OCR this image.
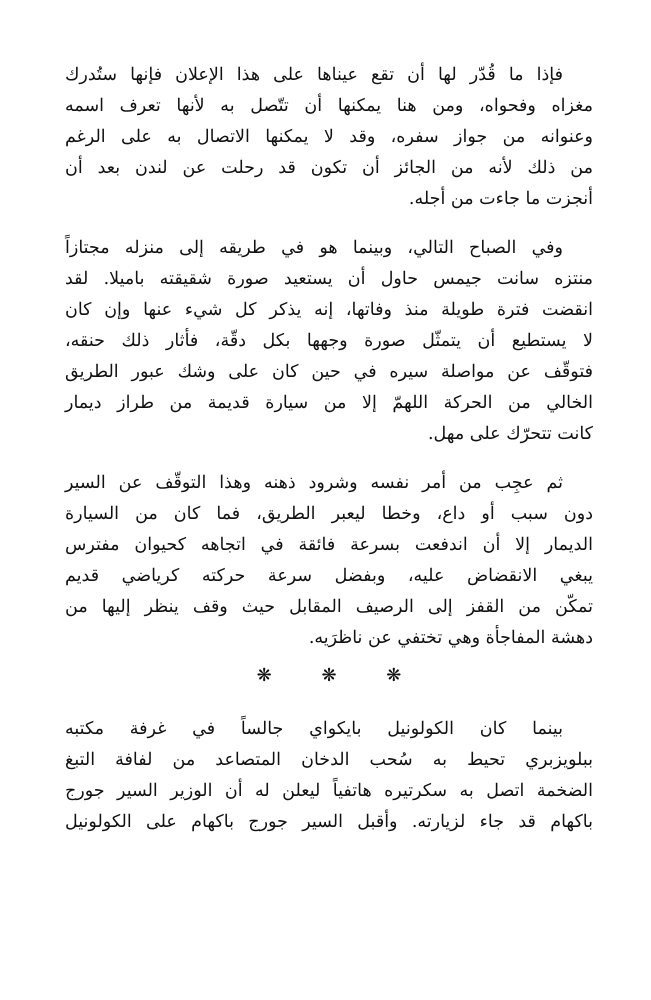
فإذا ما قُدّر لها أن تقع عيناها على هذا الإعلان فإنها ستُدرك
مغزاه وفحواه، ومن هنا يمكنها أن تتّصل به لأنها تعرف اسمه
وعنوانه من جواز سفره، وقد لا يمكنها الاتصال به على الرغم
من ذلك لأنه من الجائز أن تكون قد رحلت عن لندن بعد أن
أنجزت ما جاءت من أجله.

وفي الصباح التالي، وبينما هو في طريقه إلى منزله مجتازاً
منتزه سانت جيمس حاول أن يستعيد صورة شقيقته باميلا. لقد
انقضت فترة طويلة منذ وفاتها، إنه يذكر كل شيء عنها وإن كان
لا يستطيع أن يتمثّل صورة وجهها بكل دقّة، فأثار ذلك حنقه،
فتوقّف عن مواصلة سيره في حين كان على وشك عبور الطريق
الخالي من الحركة اللهمّ إلا من سيارة قديمة من طراز ديمار
كانت تتحرّك على مهل.

ثم عجِب من أمر نفسه وشرود ذهنه وهذا التوقّف عن السير
دون سبب أو داع، وخطا ليعبر الطريق، فما كان من السيارة
الديمار إلا أن اندفعت بسرعة فائقة في اتجاهه كحيوان مفترس
يبغي الانقضاض عليه، وبفضل سرعة حركته كرياضي قديم
تمكّن من القفز إلى الرصيف المقابل حيث وقف ينظر إليها من
دهشة المفاجأة وهي تختفي عن ناظرَيه.

❋ ❋ ❋

بينما كان الكولونيل بايكواي جالساً في غرفة مكتبه
ببلويزبري تحيط به سُحب الدخان المتصاعد من لفافة التبغ
الضخمة اتصل به سكرتيره هاتفياً ليعلن له أن الوزير السير جورج
باكهام قد جاء لزيارته. وأقبل السير جورج باكهام على الكولونيل
